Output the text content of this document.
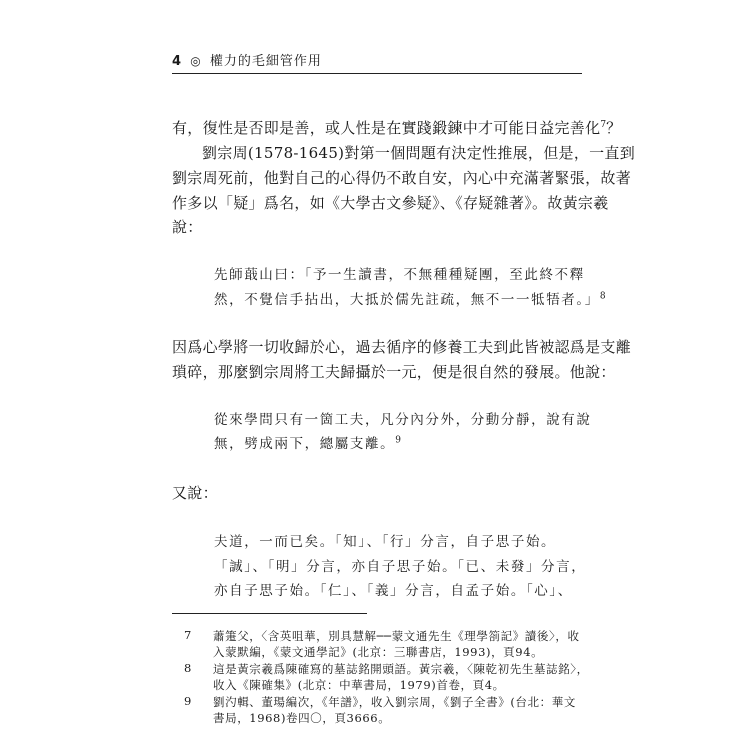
4 ◎ 權力的毛細管作用
有，復性是否即是善，或人性是在實踐鍛鍊中才可能日益完善化$^7$？
劉宗周(1578-1645)對第一個問題有決定性推展，但是，一直到
劉宗周死前，他對自己的心得仍不敢自安，內心中充滿著緊張，故著
作多以「疑」爲名，如《大學古文參疑》、《存疑雜著》。故黃宗羲
說：
先師蕺山曰：「予一生讀書，不無種種疑團，至此終不釋
然，不覺信手拈出，大抵於儒先註疏，無不一一牴牾者。」$^8$
因爲心學將一切收歸於心，過去循序的修養工夫到此皆被認爲是支離
瑣碎，那麼劉宗周將工夫歸攝於一元，便是很自然的發展。他說：
從來學問只有一箇工夫，凡分內分外，分動分靜，說有說
無，劈成兩下，總屬支離。$^9$
又說：
夫道，一而已矣。「知」、「行」分言，自子思子始。
「誠」、「明」分言，亦自子思子始。「已、未發」分言，
亦自子思子始。「仁」、「義」分言，自孟子始。「心」、
7 蕭箑父，〈含英咀華，別具慧解──蒙文通先生《理學箚記》讀後〉，收
入蒙默編，《蒙文通學記》(北京：三聯書店，1993)，頁94。
8 這是黃宗羲爲陳確寫的墓誌銘開頭語。黃宗羲，〈陳乾初先生墓誌銘〉，
收入《陳確集》(北京：中華書局，1979)首卷，頁4。
9 劉汋輯、董瑒編次，《年譜》，收入劉宗周，《劉子全書》(台北：華文
書局，1968)卷四〇，頁3666。
